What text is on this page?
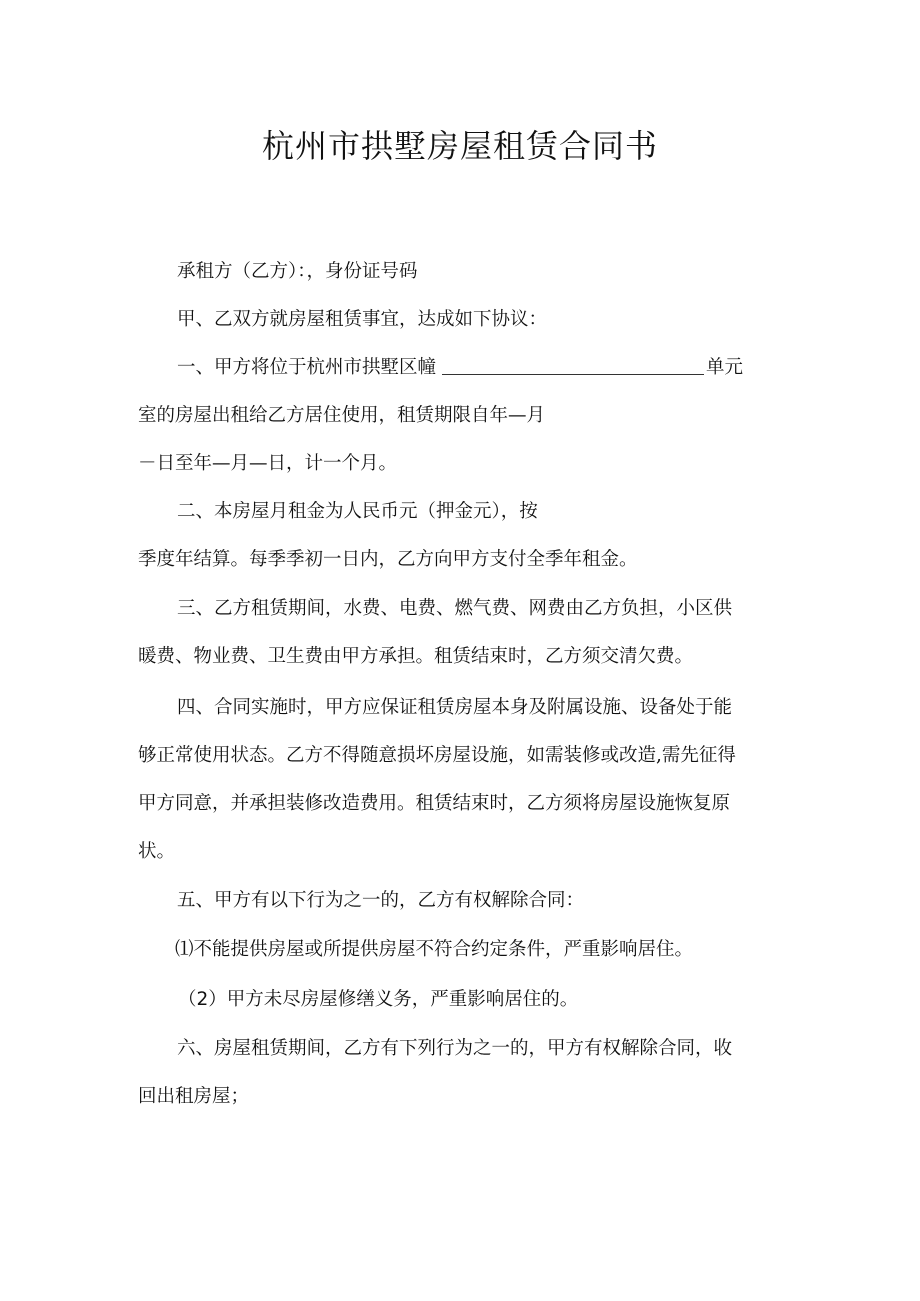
杭州市拱墅房屋租赁合同书
承租方（乙方）：，身份证号码
甲、乙双方就房屋租赁事宜，达成如下协议：
一、甲方将位于杭州市拱墅区幢	单元
室的房屋出租给乙方居住使用，租赁期限自年—月
－日至年—月—日，计一个月。
二、本房屋月租金为人民币元（押金元），按
季度年结算。每季季初一日内，乙方向甲方支付全季年租金。
三、乙方租赁期间，水费、电费、燃气费、网费由乙方负担，小区供
暖费、物业费、卫生费由甲方承担。租赁结束时，乙方须交清欠费。
四、合同实施时，甲方应保证租赁房屋本身及附属设施、设备处于能
够正常使用状态。乙方不得随意损坏房屋设施，如需装修或改造,需先征得
甲方同意，并承担装修改造费用。租赁结束时，乙方须将房屋设施恢复原
状。
五、甲方有以下行为之一的，乙方有权解除合同：
⑴不能提供房屋或所提供房屋不符合约定条件，严重影响居住。
（2）甲方未尽房屋修缮义务，严重影响居住的。
六、房屋租赁期间，乙方有下列行为之一的，甲方有权解除合同，收
回出租房屋；
